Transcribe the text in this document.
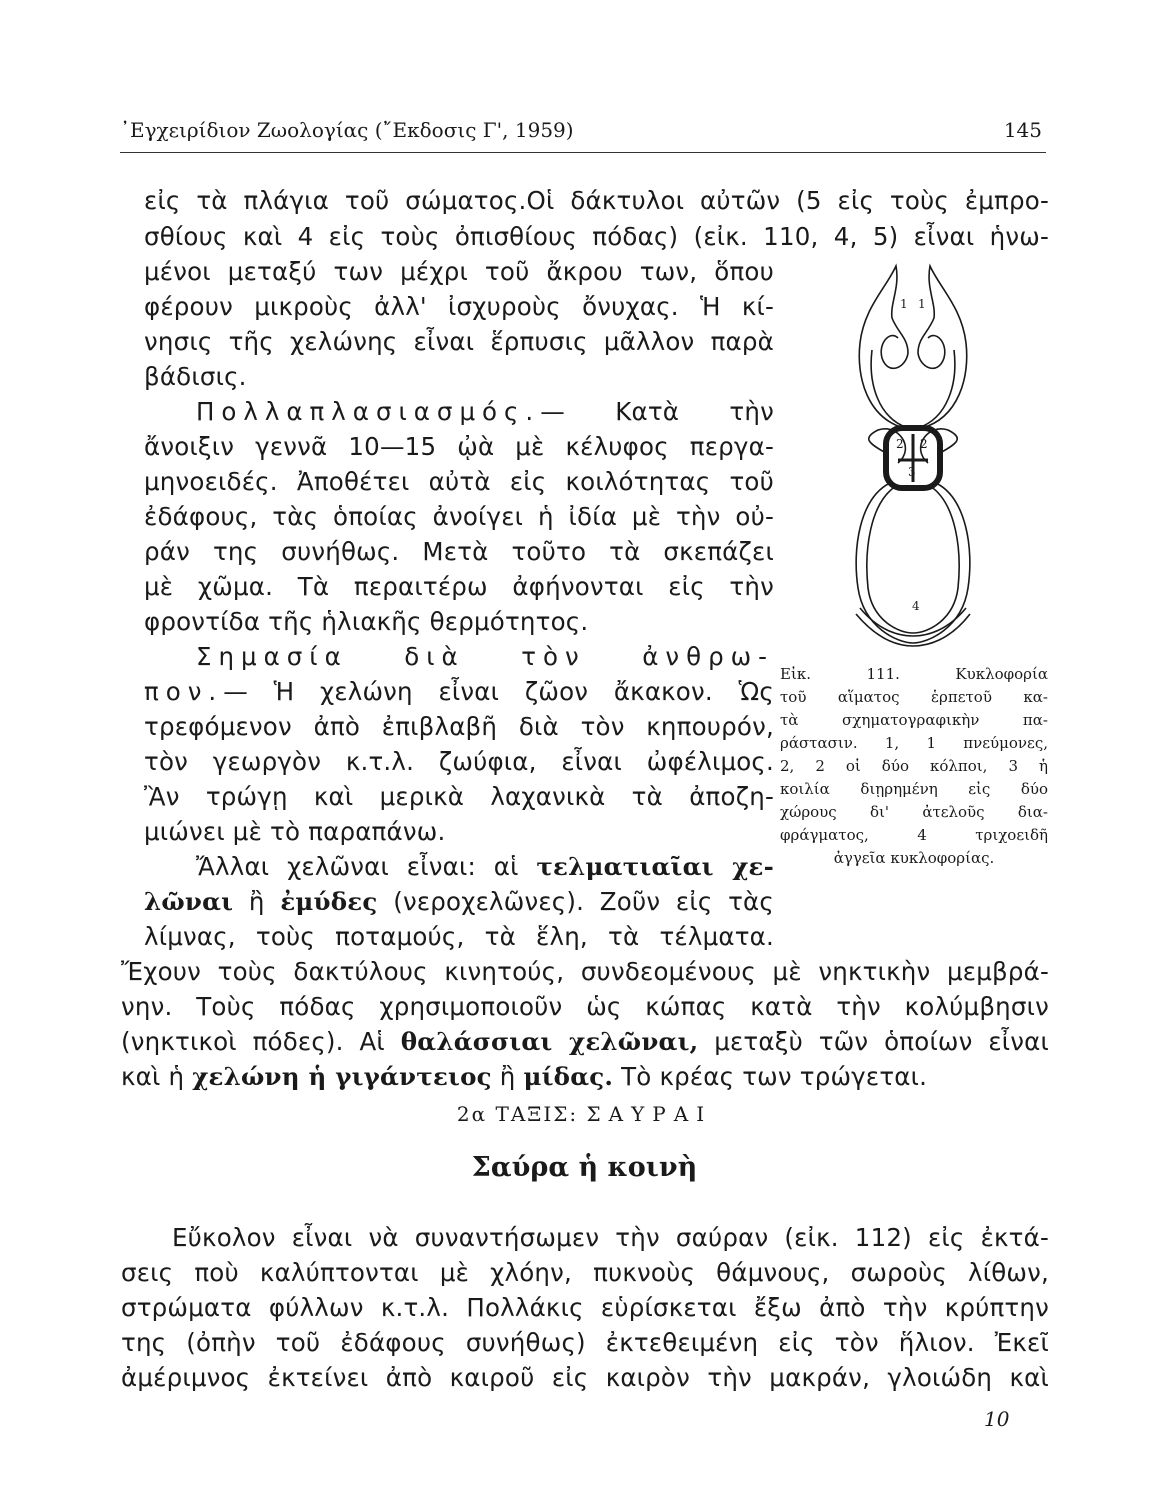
᾿Εγχειρίδιον Ζωολογίας (῎Εκδοσις Γ', 1959)	145
εἰς τὰ πλάγια τοῦ σώματος.Οἱ δάκτυλοι αὐτῶν (5 εἰς τοὺς ἐμπρο-
σθίους καὶ 4 εἰς τοὺς ὀπισθίους πόδας) (εἰκ. 110, 4, 5) εἶναι ἡνω-
μένοι μεταξύ των μέχρι τοῦ ἄκρου των, ὅπου
φέρουν μικροὺς ἀλλ' ἰσχυροὺς ὄνυχας. Ἡ κί-
νησις τῆς χελώνης εἶναι ἕρπυσις μᾶλλον παρὰ
βάδισις.
Πολλαπλασιασμός.— Κατὰ τὴν
ἄνοιξιν γεννᾶ 10—15 ᾠὰ μὲ κέλυφος περγα-
μηνοειδές. Ἀποθέτει αὐτὰ εἰς κοιλότητας τοῦ
ἐδάφους, τὰς ὁποίας ἀνοίγει ἡ ἰδία μὲ τὴν οὐ-
ράν της συνήθως. Μετὰ τοῦτο τὰ σκεπάζει
μὲ χῶμα. Τὰ περαιτέρω ἀφήνονται εἰς τὴν
φροντίδα τῆς ἡλιακῆς θερμότητος.
Σημασία διὰ τὸν ἀνθρω-
πον.— Ἡ χελώνη εἶναι ζῶον ἄκακον. Ὡς
τρεφόμενον ἀπὸ ἐπιβλαβῆ διὰ τὸν κηπουρόν,
τὸν γεωργὸν κ.τ.λ. ζωύφια, εἶναι ὠφέλιμος.
Ἂν τρώγῃ καὶ μερικὰ λαχανικὰ τὰ ἀποζη-
μιώνει μὲ τὸ παραπάνω.
Ἄλλαι χελῶναι εἶναι: αἱ τελματιαῖαι χε-
λῶναι ἢ ἐμύδες (νεροχελῶνες). Ζοῦν εἰς τὰς
λίμνας, τοὺς ποταμούς, τὰ ἕλη, τὰ τέλματα.
Ἔχουν τοὺς δακτύλους κινητούς, συνδεομένους μὲ νηκτικὴν μεμβρά-
νην. Τοὺς πόδας χρησιμοποιοῦν ὡς κώπας κατὰ τὴν κολύμβησιν
(νηκτικοὶ πόδες). Αἱ θαλάσσιαι χελῶναι, μεταξὺ τῶν ὁποίων εἶναι
καὶ ἡ χελώνη ἡ γιγάντειος ἢ μίδας. Τὸ κρέας των τρώγεται.
1 1
2 2
3
4
Εἰκ. 111. Κυκλοφορία
τοῦ αἵματος ἑρπετοῦ κα-
τὰ σχηματογραφικὴν πα-
ράστασιν. 1, 1 πνεύμονες,
2, 2 οἱ δύο κόλποι, 3 ἡ
κοιλία διῃρημένη εἰς δύο
χώρους δι' ἀτελοῦς δια-
φράγματος, 4 τριχοειδῆ
ἀγγεῖα κυκλοφορίας.
2α ΤΑΞΙΣ: ΣΑΥΡΑΙ
Σαύρα ἡ κοινὴ
Εὔκολον εἶναι νὰ συναντήσωμεν τὴν σαύραν (εἰκ. 112) εἰς ἐκτά-
σεις ποὺ καλύπτονται μὲ χλόην, πυκνοὺς θάμνους, σωροὺς λίθων,
στρώματα φύλλων κ.τ.λ. Πολλάκις εὑρίσκεται ἔξω ἀπὸ τὴν κρύπτην
της (ὀπὴν τοῦ ἐδάφους συνήθως) ἐκτεθειμένη εἰς τὸν ἥλιον. Ἐκεῖ
ἀμέριμνος ἐκτείνει ἀπὸ καιροῦ εἰς καιρὸν τὴν μακράν, γλοιώδη καὶ
10
